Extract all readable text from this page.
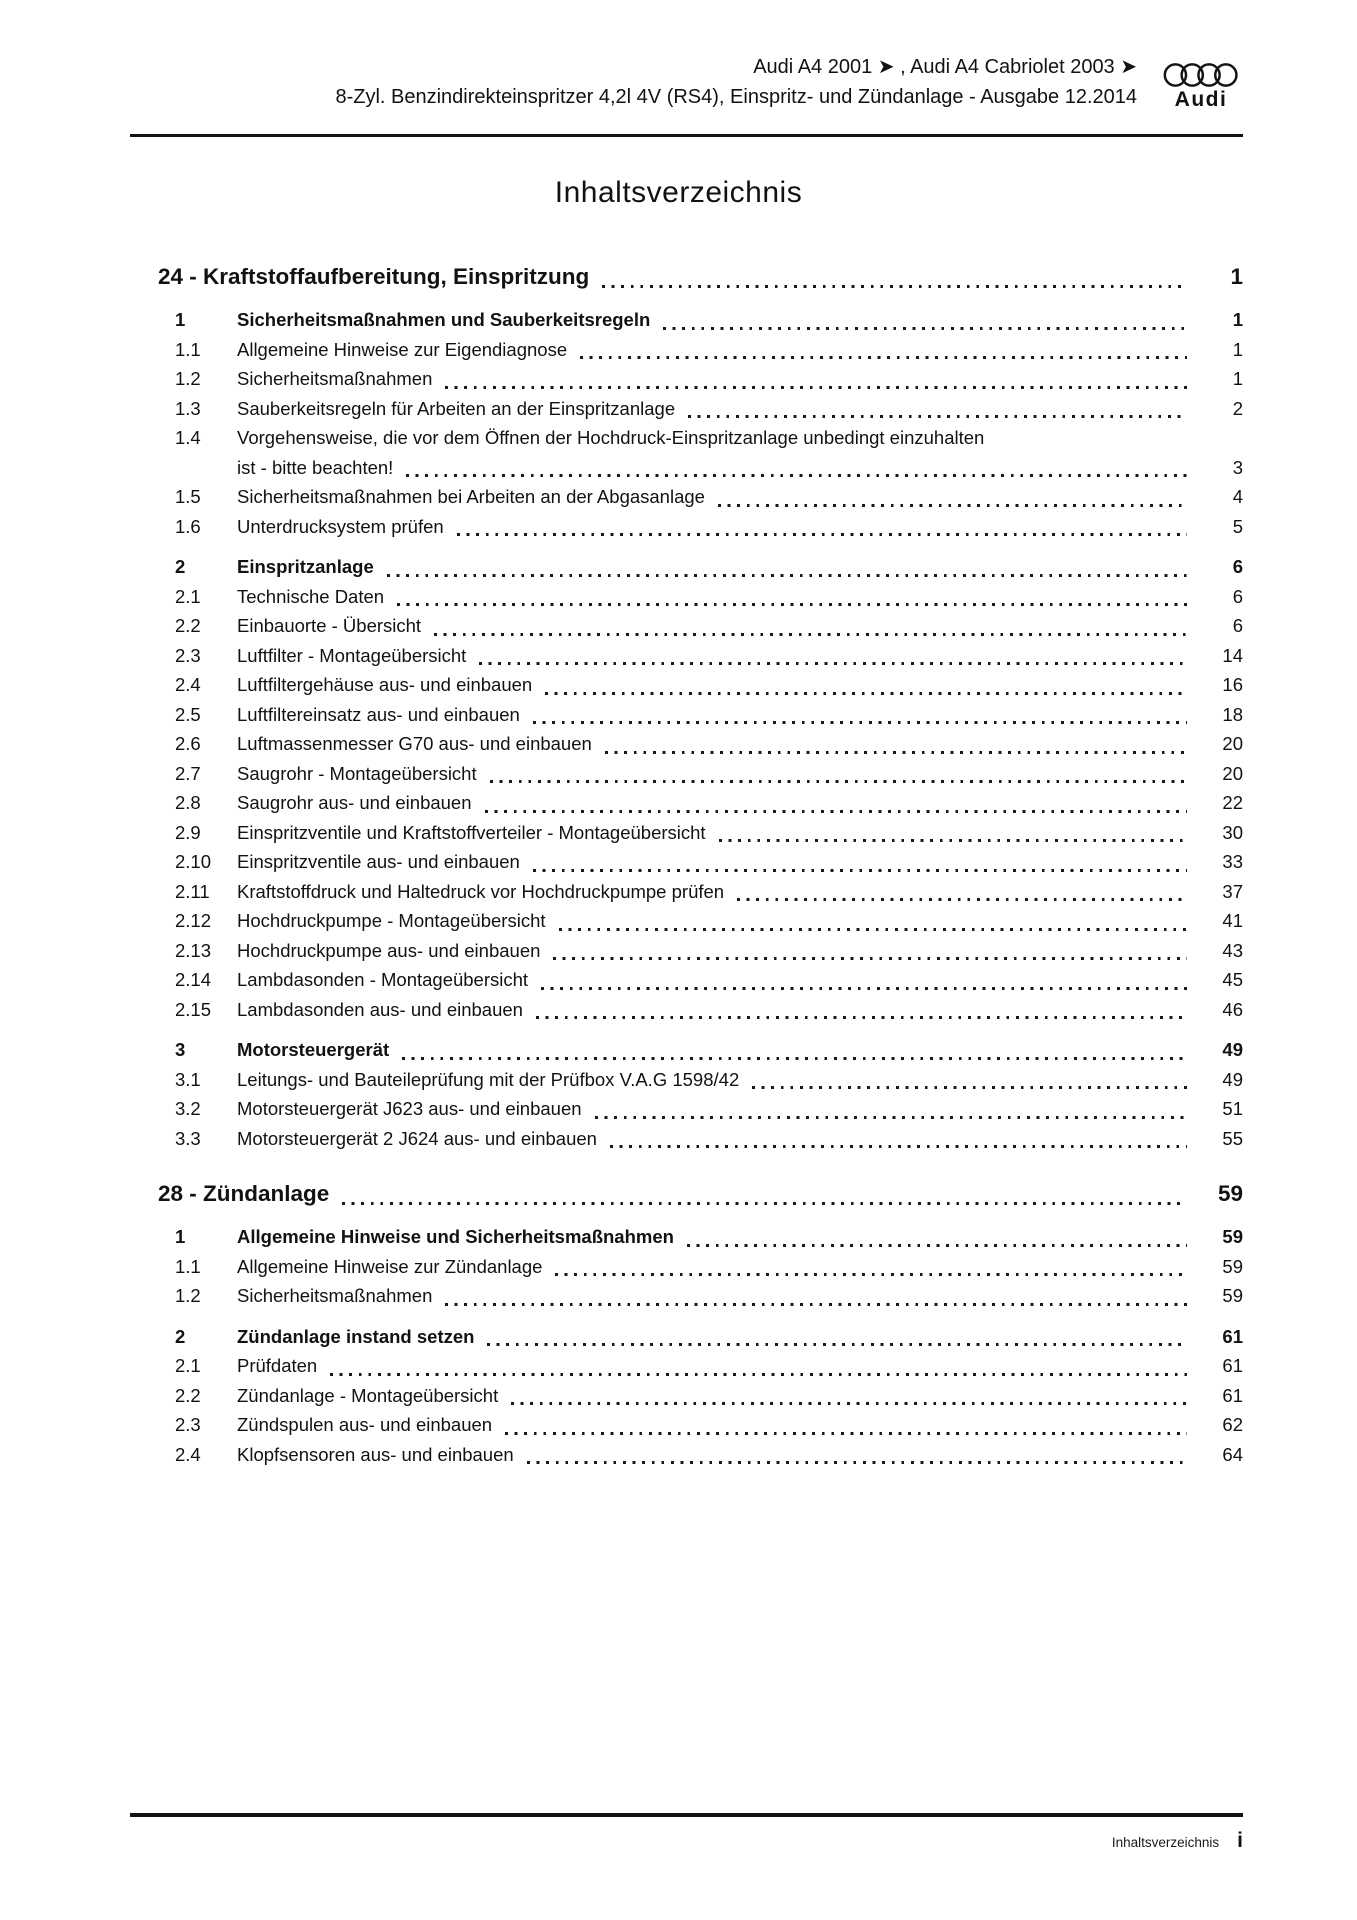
Audi A4 2001 ➤ , Audi A4 Cabriolet 2003 ➤
8-Zyl. Benzindirekteinspritzer 4,2l 4V (RS4), Einspritz- und Zündanlage - Ausgabe 12.2014 Audi
Inhaltsverzeichnis
24 - Kraftstoffaufbereitung, Einspritzung	1
1	Sicherheitsmaßnahmen und Sauberkeitsregeln	1
1.1	Allgemeine Hinweise zur Eigendiagnose	1
1.2	Sicherheitsmaßnahmen	1
1.3	Sauberkeitsregeln für Arbeiten an der Einspritzanlage	2
1.4	Vorgehensweise, die vor dem Öffnen der Hochdruck-Einspritzanlage unbedingt einzuhalten
ist - bitte beachten!	3
1.5	Sicherheitsmaßnahmen bei Arbeiten an der Abgasanlage	4
1.6	Unterdrucksystem prüfen	5
2	Einspritzanlage	6
2.1	Technische Daten	6
2.2	Einbauorte - Übersicht	6
2.3	Luftfilter - Montageübersicht	14
2.4	Luftfiltergehäuse aus- und einbauen	16
2.5	Luftfiltereinsatz aus- und einbauen	18
2.6	Luftmassenmesser G70 aus- und einbauen	20
2.7	Saugrohr - Montageübersicht	20
2.8	Saugrohr aus- und einbauen	22
2.9	Einspritzventile und Kraftstoffverteiler - Montageübersicht	30
2.10	Einspritzventile aus- und einbauen	33
2.11	Kraftstoffdruck und Haltedruck vor Hochdruckpumpe prüfen	37
2.12	Hochdruckpumpe - Montageübersicht	41
2.13	Hochdruckpumpe aus- und einbauen	43
2.14	Lambdasonden - Montageübersicht	45
2.15	Lambdasonden aus- und einbauen	46
3	Motorsteuergerät	49
3.1	Leitungs- und Bauteileprüfung mit der Prüfbox V.A.G 1598/42	49
3.2	Motorsteuergerät J623 aus- und einbauen	51
3.3	Motorsteuergerät 2 J624 aus- und einbauen	55
28 - Zündanlage	59
1	Allgemeine Hinweise und Sicherheitsmaßnahmen	59
1.1	Allgemeine Hinweise zur Zündanlage	59
1.2	Sicherheitsmaßnahmen	59
2	Zündanlage instand setzen	61
2.1	Prüfdaten	61
2.2	Zündanlage - Montageübersicht	61
2.3	Zündspulen aus- und einbauen	62
2.4	Klopfsensoren aus- und einbauen	64
Inhaltsverzeichnis i
